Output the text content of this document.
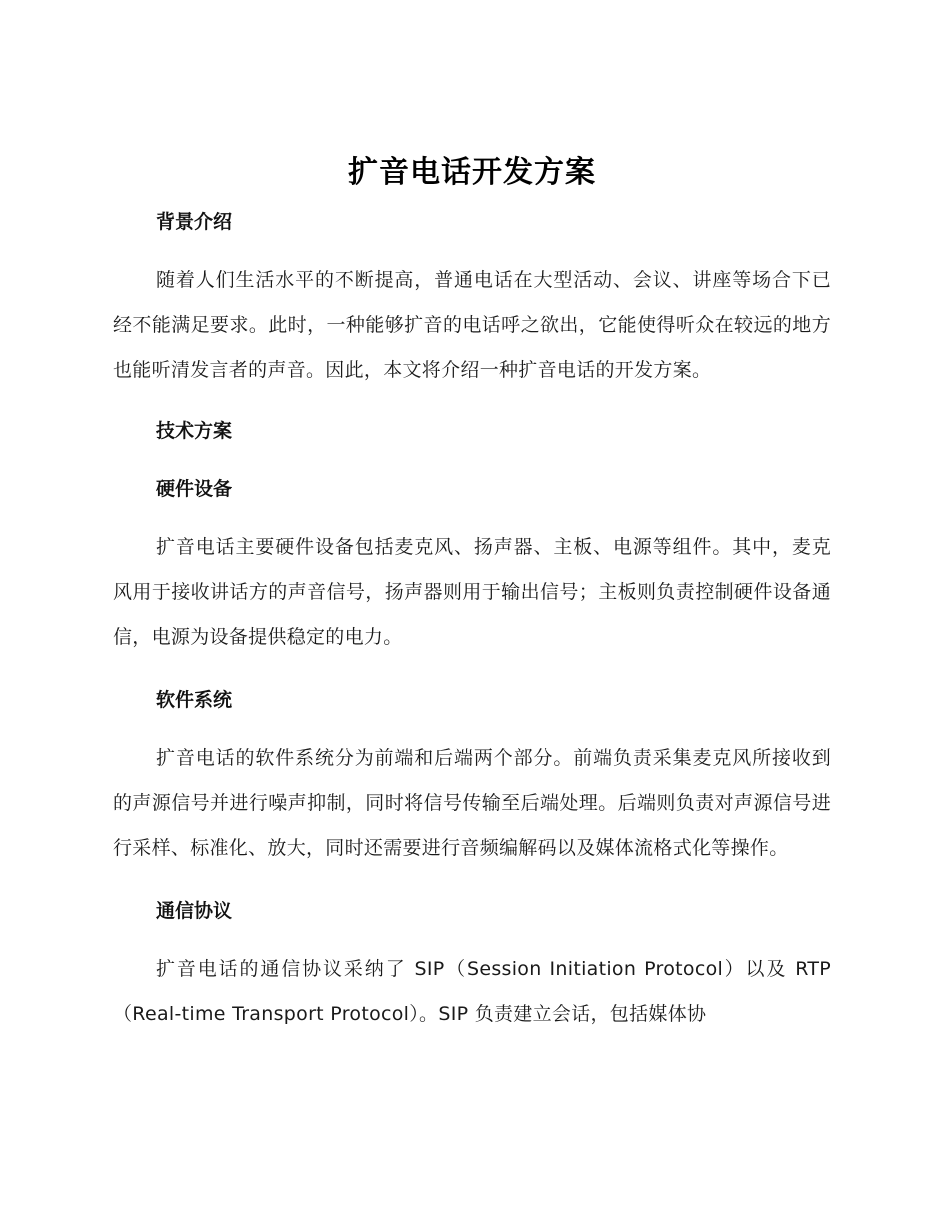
扩音电话开发方案
背景介绍

随着人们生活水平的不断提高，普通电话在大型活动、会议、讲座等场合下已经不能满足要求。此时，一种能够扩音的电话呼之欲出，它能使得听众在较远的地方也能听清发言者的声音。因此，本文将介绍一种扩音电话的开发方案。

技术方案
硬件设备

扩音电话主要硬件设备包括麦克风、扬声器、主板、电源等组件。其中，麦克风用于接收讲话方的声音信号，扬声器则用于输出信号；主板则负责控制硬件设备通信，电源为设备提供稳定的电力。

软件系统

扩音电话的软件系统分为前端和后端两个部分。前端负责采集麦克风所接收到的声源信号并进行噪声抑制，同时将信号传输至后端处理。后端则负责对声源信号进行采样、标准化、放大，同时还需要进行音频编解码以及媒体流格式化等操作。

通信协议

扩音电话的通信协议采纳了 SIP（Session Initiation Protocol）以及 RTP（Real-time Transport Protocol）。SIP 负责建立会话，包括媒体协
